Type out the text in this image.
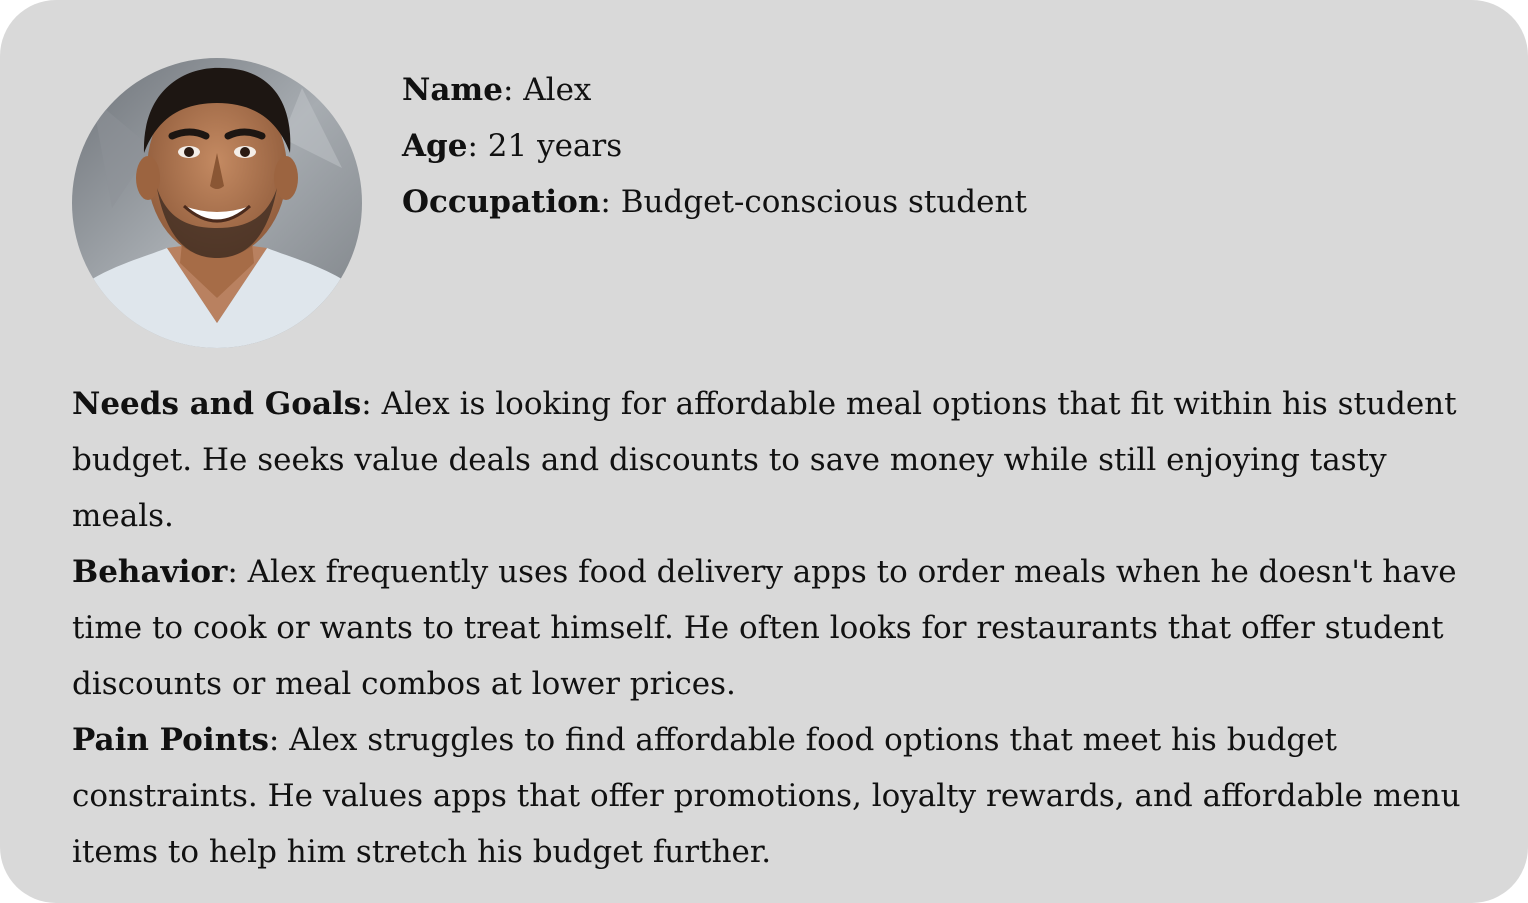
Name: Alex
Age: 21 years
Occupation: Budget-conscious student

Needs and Goals: Alex is looking for affordable meal options that fit within his student budget. He seeks value deals and discounts to save money while still enjoying tasty meals.

Behavior: Alex frequently uses food delivery apps to order meals when he doesn't have time to cook or wants to treat himself. He often looks for restaurants that offer student discounts or meal combos at lower prices.

Pain Points: Alex struggles to find affordable food options that meet his budget constraints. He values apps that offer promotions, loyalty rewards, and affordable menu items to help him stretch his budget further.
